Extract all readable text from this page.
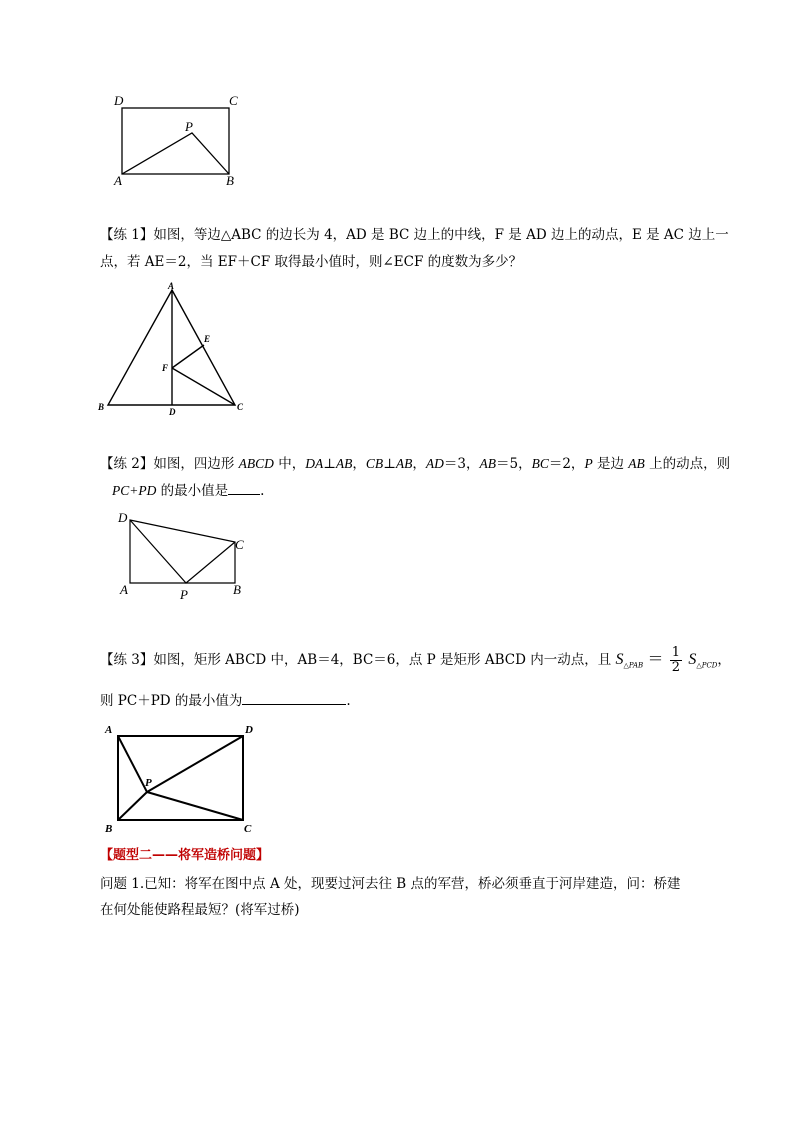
D	C
P
A	B
【练 1】如图，等边△ABC 的边长为 4，AD 是 BC 边上的中线，F 是 AD 边上的动点，E 是 AC 边上一
点，若 AE＝2，当 EF＋CF 取得最小值时，则∠ECF 的度数为多少？
A
E
F
B	D	C
【练 2】如图，四边形 ABCD 中，DA⊥AB，CB⊥AB，AD＝3，AB＝5，BC＝2，P 是边 AB 上的动点，则
PC+PD 的最小值是 .
D
C
A	P	B
【练 3】如图，矩形 ABCD 中，AB＝4，BC＝6，点 P 是矩形 ABCD 内一动点，且 $S_{\triangle PAB} = \frac{1}{2} S_{\triangle PCD}$，
则 PC＋PD 的最小值为	.
A	D
P
B	C
【题型二——将军造桥问题】
问题 1.已知：将军在图中点 A 处，现要过河去往 B 点的军营，桥必须垂直于河岸建造，问：桥建
在何处能使路程最短？(将军过桥)
